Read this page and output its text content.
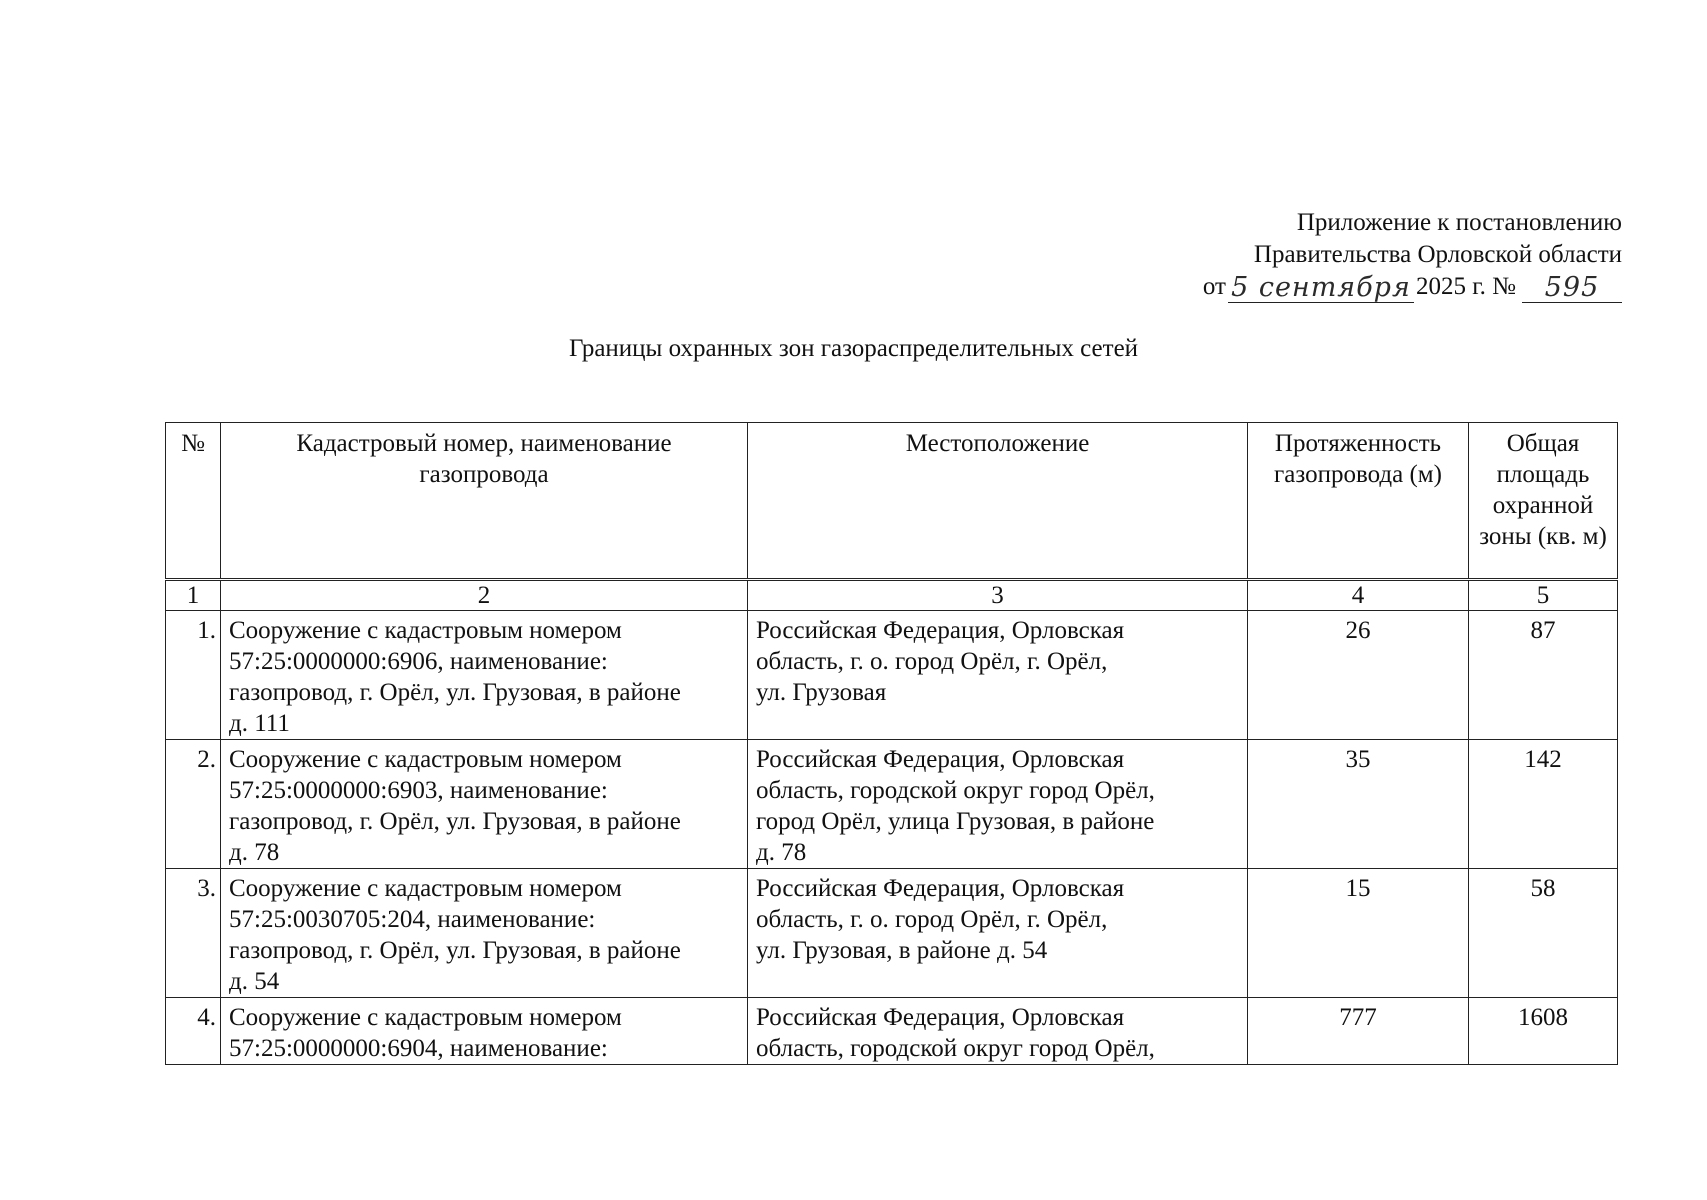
Приложение к постановлению
Правительства Орловской области
от 5 сентября 2025 г. №	595
Границы охранных зон газораспределительных сетей
№	Кадастровый номер, наименование газопровода	Местоположение	Протяженность газопровода (м)	Общая площадь охранной зоны (кв. м)

1	2	3	4	5
1.	Сооружение с кадастровым номером
57:25:0000000:6906, наименование:
газопровод, г. Орёл, ул. Грузовая, в районе
д. 111	Российская Федерация, Орловская
область, г. о. город Орёл, г. Орёл,
ул. Грузовая	26	87
2.	Сооружение с кадастровым номером
57:25:0000000:6903, наименование:
газопровод, г. Орёл, ул. Грузовая, в районе
д. 78	Российская Федерация, Орловская
область, городской округ город Орёл,
город Орёл, улица Грузовая, в районе
д. 78	35	142
3.	Сооружение с кадастровым номером
57:25:0030705:204, наименование:
газопровод, г. Орёл, ул. Грузовая, в районе
д. 54	Российская Федерация, Орловская
область, г. о. город Орёл, г. Орёл,
ул. Грузовая, в районе д. 54	15	58
4.	Сооружение с кадастровым номером
57:25:0000000:6904, наименование:	Российская Федерация, Орловская
область, городской округ город Орёл,	777	1608
